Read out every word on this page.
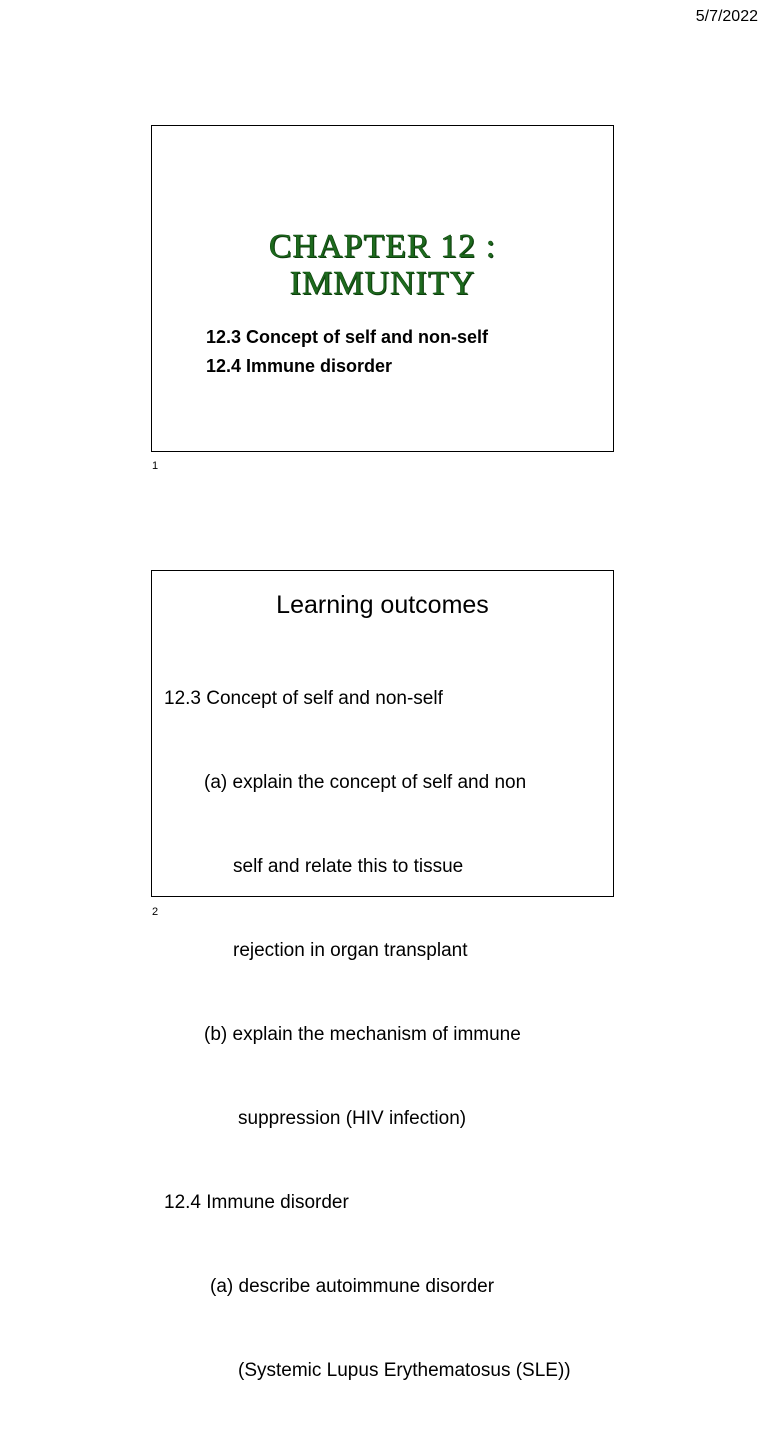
5/7/2022
CHAPTER 12 :
IMMUNITY
12.3 Concept of self and non-self
12.4 Immune disorder
1
Learning outcomes

12.3 Concept of self and non-self

(a) explain the concept of self and non

self and relate this to tissue

rejection in organ transplant

(b) explain the mechanism of immune

suppression (HIV infection)

12.4 Immune disorder

(a) describe autoimmune disorder

(Systemic Lupus Erythematosus (SLE))

2
